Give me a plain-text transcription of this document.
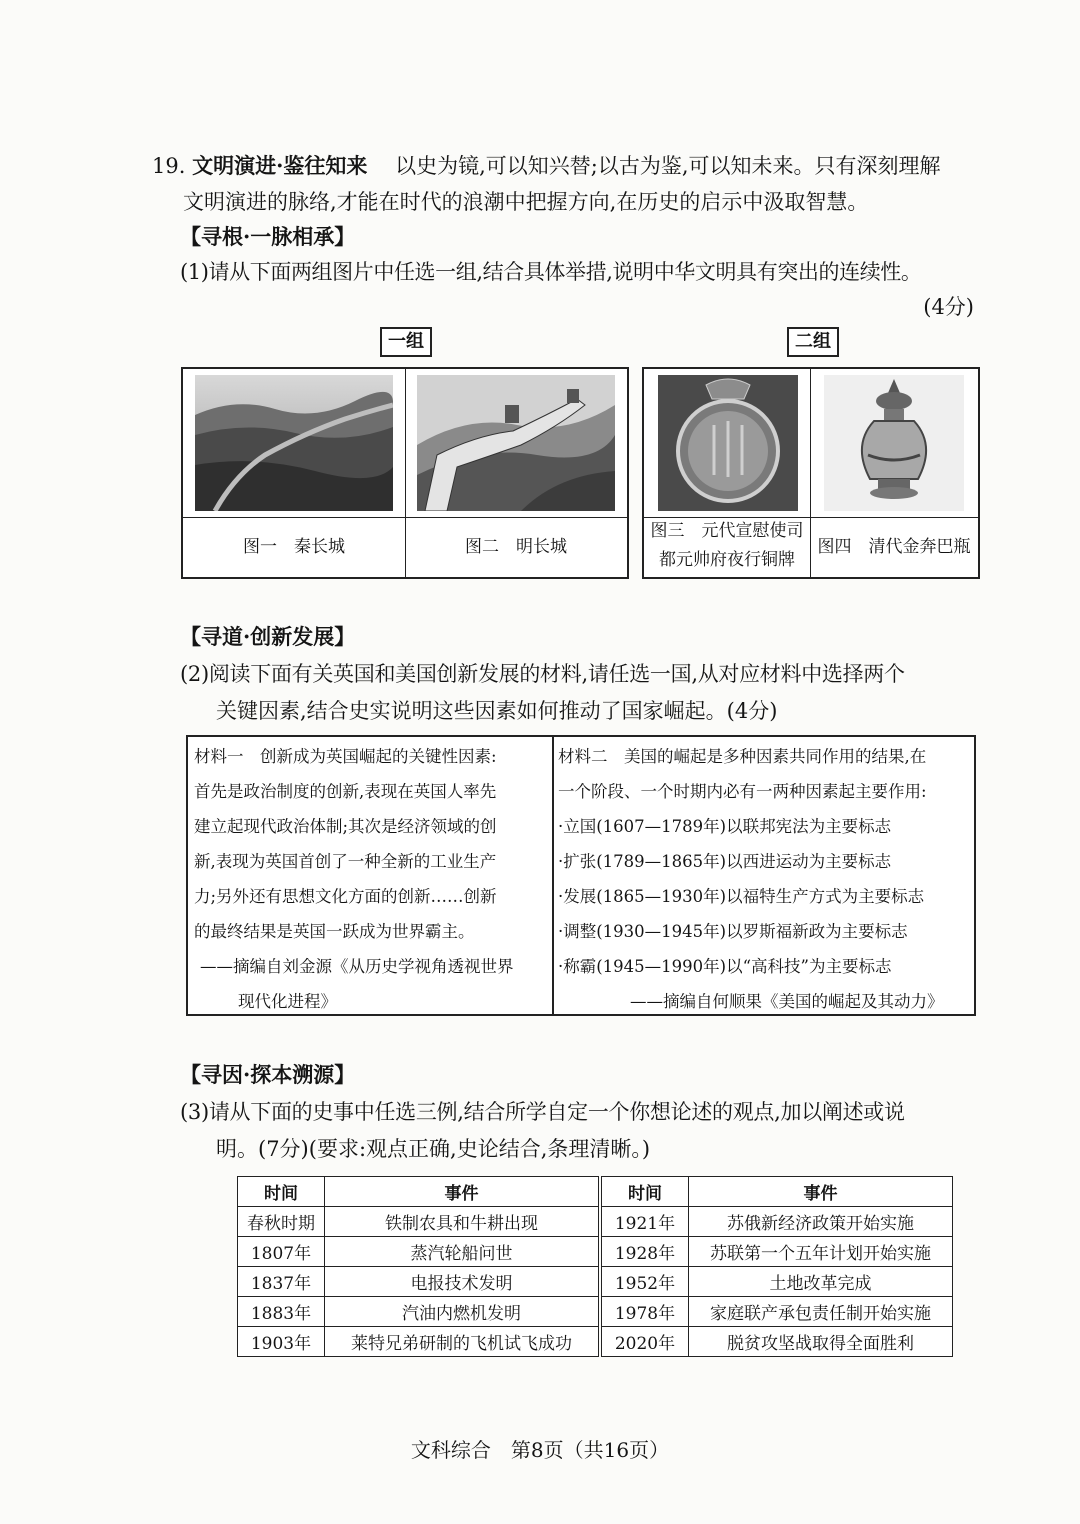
19. 文明演进·鉴往知来　 以史为镜,可以知兴替;以古为鉴,可以知未来。只有深刻理解
文明演进的脉络,才能在时代的浪潮中把握方向,在历史的启示中汲取智慧。
【寻根·一脉相承】
(1)请从下面两组图片中任选一组,结合具体举措,说明中华文明具有突出的连续性。
(4分)
一组	二组
图一　秦长城	图二　明长城
图三　元代宣慰使司
都元帅府夜行铜牌
图四　清代金奔巴瓶
【寻道·创新发展】
(2)阅读下面有关英国和美国创新发展的材料,请任选一国,从对应材料中选择两个
关键因素,结合史实说明这些因素如何推动了国家崛起。(4分)
材料一　创新成为英国崛起的关键性因素:
首先是政治制度的创新,表现在英国人率先
建立起现代政治体制;其次是经济领域的创
新,表现为英国首创了一种全新的工业生产
力;另外还有思想文化方面的创新……创新
的最终结果是英国一跃成为世界霸主。
——摘编自刘金源《从历史学视角透视世界
现代化进程》
材料二　美国的崛起是多种因素共同作用的结果,在
一个阶段、一个时期内必有一两种因素起主要作用:
·立国(1607—1789年)以联邦宪法为主要标志
·扩张(1789—1865年)以西进运动为主要标志
·发展(1865—1930年)以福特生产方式为主要标志
·调整(1930—1945年)以罗斯福新政为主要标志
·称霸(1945—1990年)以“高科技”为主要标志
——摘编自何顺果《美国的崛起及其动力》
【寻因·探本溯源】
(3)请从下面的史事中任选三例,结合所学自定一个你想论述的观点,加以阐述或说
明。(7分)(要求:观点正确,史论结合,条理清晰。)
时间	事件
春秋时期	铁制农具和牛耕出现
1807年	蒸汽轮船问世
1837年	电报技术发明
1883年	汽油内燃机发明
1903年	莱特兄弟研制的飞机试飞成功
时间	事件
1921年	苏俄新经济政策开始实施
1928年	苏联第一个五年计划开始实施
1952年	土地改革完成
1978年	家庭联产承包责任制开始实施
2020年	脱贫攻坚战取得全面胜利
文科综合　第8页（共16页）
